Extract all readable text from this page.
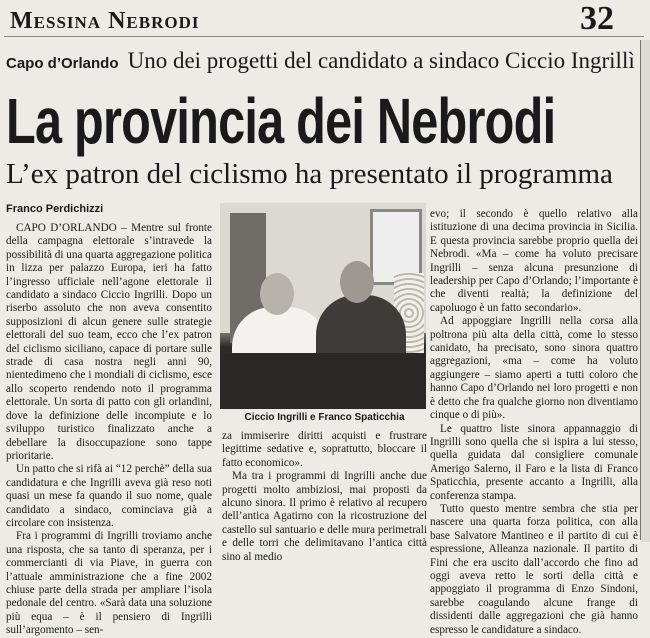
Messina Nebrodi	32
Capo d’Orlando Uno dei progetti del candidato a sindaco Ciccio Ingrillì
La provincia dei Nebrodi
L’ex patron del ciclismo ha presentato il programma
Franco Perdichizzi

CAPO D’ORLANDO – Mentre sul fronte della campagna elettorale s’intravede la possibilità di una quarta aggregazione politica in lizza per palazzo Europa, ieri ha fatto l’ingresso ufficiale nell’agone elettorale il candidato a sindaco Ciccio Ingrilli. Dopo un riserbo assoluto che non aveva consentito supposizioni di alcun genere sulle strategie elettorali del suo team, ecco che l’ex patron del ciclismo siciliano, capace di portare sulle strade di casa nostra negli anni 90, nientedimeno che i mondiali di ciclismo, esce allo scoperto rendendo noto il programma elettorale. Un sorta di patto con gli orlandini, dove la definizione delle incompiute e lo sviluppo turistico finalizzato anche a debellare la disoccupazione sono tappe prioritarie.

Un patto che si rifà ai “12 perchè” della sua candidatura e che Ingrilli aveva già reso noti quasi un mese fa quando il suo nome, quale candidato a sindaco, cominciava già a circolare con insistenza.

Fra i programmi di Ingrilli troviamo anche una risposta, che sa tanto di speranza, per i commercianti di via Piave, in guerra con l’attuale amministrazione che a fine 2002 chiuse parte della strada per ampliare l’isola pedonale del centro. «Sarà data una soluzione più equa – è il pensiero di Ingrilli sull’argomento – sen-

Ciccio Ingrilli e Franco Spaticchia

za immiserire diritti acquisti e frustrare legittime sedative e, soprattutto, bloccare il fatto economico».

Ma tra i programmi di Ingrilli anche due progetti molto ambiziosi, mai proposti da alcuno sinora. Il primo è relativo al recupero dell’antica Agatirno con la ricostruzione del castello sul santuario e delle mura perimetrali e delle torri che delimitavano l’antica città sino al medio

evo; il secondo è quello relativo alla istituzione di una decima provincia in Sicilia. E questa provincia sarebbe proprio quella dei Nebrodi. «Ma – come ha voluto precisare Ingrilli – senza alcuna presunzione di leadership per Capo d’Orlando; l’importante è che diventi realtà; la definizione del capoluogo è un fatto secondario».

Ad appoggiare Ingrilli nella corsa alla poltrona più alta della città, come lo stesso canidato, ha precisato, sono sinora quattro aggregazioni, «ma – come ha voluto aggiungere – siamo aperti a tutti coloro che hanno Capo d’Orlando nei loro progetti e non è detto che fra qualche giorno non diventiamo cinque o di più».

Le quattro liste sinora appannaggio di Ingrilli sono quella che si ispira a lui stesso, quella guidata dal consigliere comunale Amerigo Salerno, il Faro e la lista di Franco Spaticchia, presente accanto a Ingrilli, alla conferenza stampa.

Tutto questo mentre sembra che stia per nascere una quarta forza politica, con alla base Salvatore Mantineo e il partito di cui è espressione, Alleanza nazionale. Il partito di Fini che era uscito dall’accordo che fino ad oggi aveva retto le sorti della città e appoggiato il programma di Enzo Sindoni, sarebbe coagulando alcune frange di dissidenti dalle aggregazioni che già hanno espresso le candidature a sindaco.
